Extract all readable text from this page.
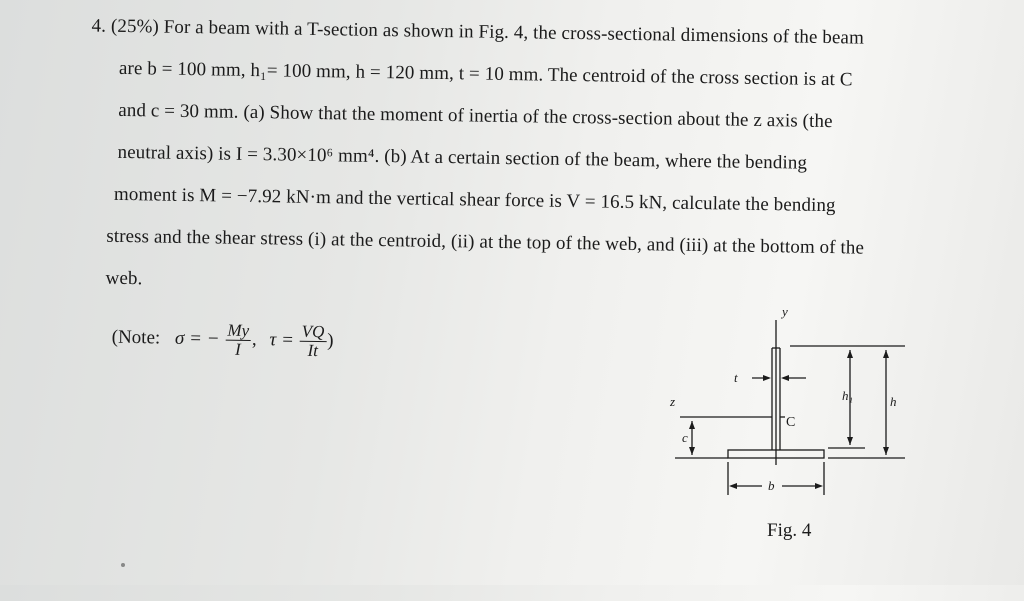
4. (25%) For a beam with a T-section as shown in Fig. 4, the cross-sectional dimensions of the beam
are b = 100 mm, h₁= 100 mm, h = 120 mm, t = 10 mm. The centroid of the cross section is at C
and c = 30 mm. (a) Show that the moment of inertia of the cross-section about the z axis (the
neutral axis) is I = 3.30×10⁶ mm⁴. (b) At a certain section of the beam, where the bending
moment is M = −7.92 kN·m and the vertical shear force is V = 16.5 kN, calculate the bending
stress and the shear stress (i) at the centroid, (ii) at the top of the web, and (iii) at the bottom of the
web.
(Note: σ = − $\frac{My}{I}$ , $\tau = \frac{VQ}{It}$ )
y
z
t
c
h₁	h
b
C
Fig. 4
